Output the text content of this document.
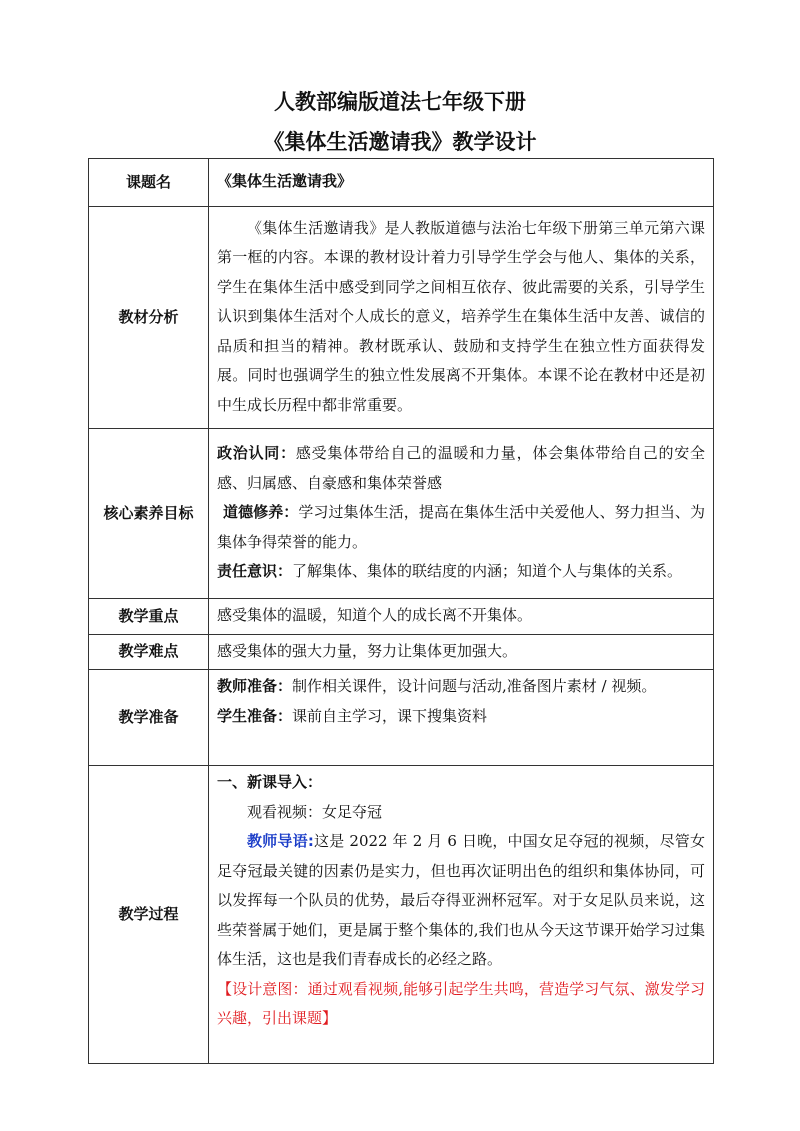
人教部编版道法七年级下册
《集体生活邀请我》教学设计
课题名	《集体生活邀请我》
教材分析	《集体生活邀请我》是人教版道德与法治七年级下册第三单元第六课第一框的内容。本课的教材设计着力引导学生学会与他人、集体的关系，学生在集体生活中感受到同学之间相互依存、彼此需要的关系，引导学生认识到集体生活对个人成长的意义，培养学生在集体生活中友善、诚信的品质和担当的精神。教材既承认、鼓励和支持学生在独立性方面获得发展。同时也强调学生的独立性发展离不开集体。本课不论在教材中还是初中生成长历程中都非常重要。

核心素养目标	政治认同：感受集体带给自己的温暖和力量，体会集体带给自己的安全感、归属感、自豪感和集体荣誉感

道德修养：学习过集体生活，提高在集体生活中关爱他人、努力担当、为集体争得荣誉的能力。

责任意识：了解集体、集体的联结度的内涵；知道个人与集体的关系。

教学重点	感受集体的温暖，知道个人的成长离不开集体。
教学难点	感受集体的强大力量，努力让集体更加强大。
教学准备	教师准备：制作相关课件，设计问题与活动,准备图片素材 / 视频。

学生准备：课前自主学习，课下搜集资料

教学过程	一、新课导入：

观看视频：女足夺冠

教师导语:这是 2022 年 2 月 6 日晚，中国女足夺冠的视频，尽管女足夺冠最关键的因素仍是实力，但也再次证明出色的组织和集体协同，可以发挥每一个队员的优势，最后夺得亚洲杯冠军。对于女足队员来说，这些荣誉属于她们，更是属于整个集体的,我们也从今天这节课开始学习过集体生活，这也是我们青春成长的必经之路。

【设计意图：通过观看视频,能够引起学生共鸣，营造学习气氛、激发学习兴趣，引出课题】
